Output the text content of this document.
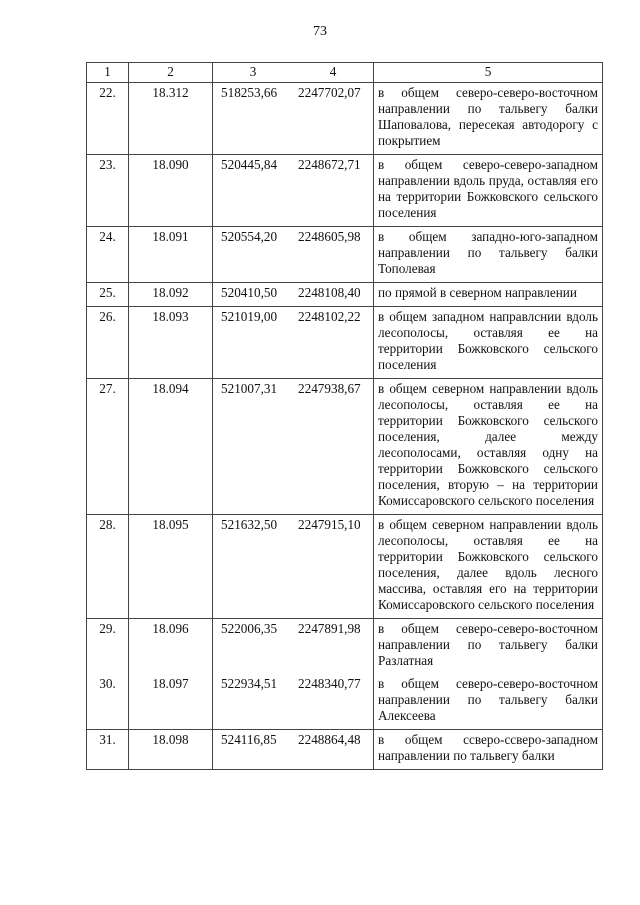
73
1	2	3 4	5
22.	18.312	518253,66 2247702,07	в общем северо-северо-восточном направлении по тальвегу балки Шаповалова, пересекая автодорогу с покрытием
23.	18.090	520445,84 2248672,71	в общем северо-северо-западном направлении вдоль пруда, оставляя его на территории Божковского сельского поселения
24.	18.091	520554,20 2248605,98	в общем западно-юго-западном направлении по тальвегу балки Тополевая
25.	18.092	520410,50 2248108,40	по прямой в северном направлении
26.	18.093	521019,00 2248102,22	в общем западном направлснии вдоль лесополосы, оставляя ее на территории Божковского сельского поселения
27.	18.094	521007,31 2247938,67	в общем северном направлении вдоль лесополосы, оставляя ее на территории Божковского сельского поселения, далее между лесополосами, оставляя одну на территории Божковского сельского поселения, вторую – на территории Комиссаровского сельского поселения
28.	18.095	521632,50 2247915,10	в общем северном направлении вдоль лесополосы, оставляя ее на территории Божковского сельского поселения, далее вдоль лесного массива, оставляя его на территории Комиссаровского сельского поселения
29.	18.096	522006,35 2247891,98	в общем северо-северо-восточном направлении по тальвегу балки Разлатная
30.	18.097	522934,51 2248340,77	в общем северо-северо-восточном направлении по тальвегу балки Алексеева
31.	18.098	524116,85 2248864,48	в общем ссверо-ссверо-западном направлении по тальвегу балки
